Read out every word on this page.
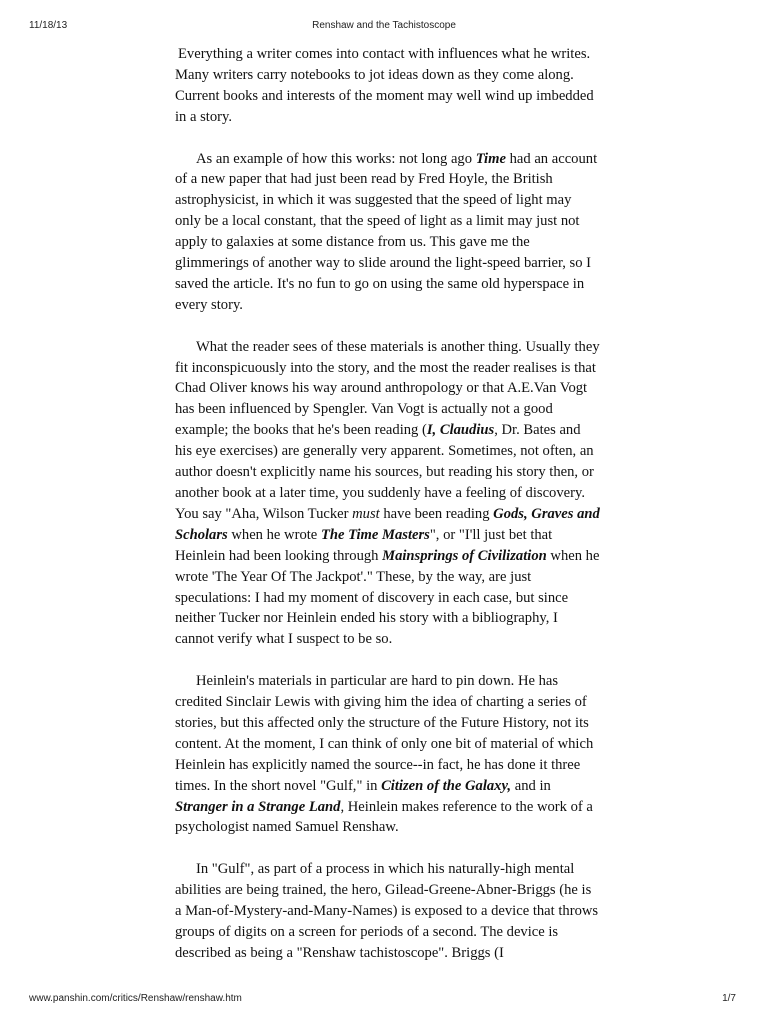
11/18/13	Renshaw and the Tachistoscope

Everything a writer comes into contact with influences what he writes. Many writers carry notebooks to jot ideas down as they come along. Current books and interests of the moment may well wind up imbedded in a story.

As an example of how this works: not long ago Time had an account of a new paper that had just been read by Fred Hoyle, the British astrophysicist, in which it was suggested that the speed of light may only be a local constant, that the speed of light as a limit may just not apply to galaxies at some distance from us. This gave me the glimmerings of another way to slide around the light-speed barrier, so I saved the article. It's no fun to go on using the same old hyperspace in every story.

What the reader sees of these materials is another thing. Usually they fit inconspicuously into the story, and the most the reader realises is that Chad Oliver knows his way around anthropology or that A.E.Van Vogt has been influenced by Spengler. Van Vogt is actually not a good example; the books that he's been reading (I, Claudius, Dr. Bates and his eye exercises) are generally very apparent. Sometimes, not often, an author doesn't explicitly name his sources, but reading his story then, or another book at a later time, you suddenly have a feeling of discovery. You say "Aha, Wilson Tucker must have been reading Gods, Graves and Scholars when he wrote The Time Masters", or "I'll just bet that Heinlein had been looking through Mainsprings of Civilization when he wrote 'The Year Of The Jackpot'." These, by the way, are just speculations: I had my moment of discovery in each case, but since neither Tucker nor Heinlein ended his story with a bibliography, I cannot verify what I suspect to be so.

Heinlein's materials in particular are hard to pin down. He has credited Sinclair Lewis with giving him the idea of charting a series of stories, but this affected only the structure of the Future History, not its content. At the moment, I can think of only one bit of material of which Heinlein has explicitly named the source--in fact, he has done it three times. In the short novel "Gulf," in Citizen of the Galaxy, and in Stranger in a Strange Land, Heinlein makes reference to the work of a psychologist named Samuel Renshaw.

In "Gulf", as part of a process in which his naturally-high mental abilities are being trained, the hero, Gilead-Greene-Abner-Briggs (he is a Man-of-Mystery-and-Many-Names) is exposed to a device that throws groups of digits on a screen for periods of a second. The device is described as being a "Renshaw tachistoscope". Briggs (I

www.panshin.com/critics/Renshaw/renshaw.htm	1/7
